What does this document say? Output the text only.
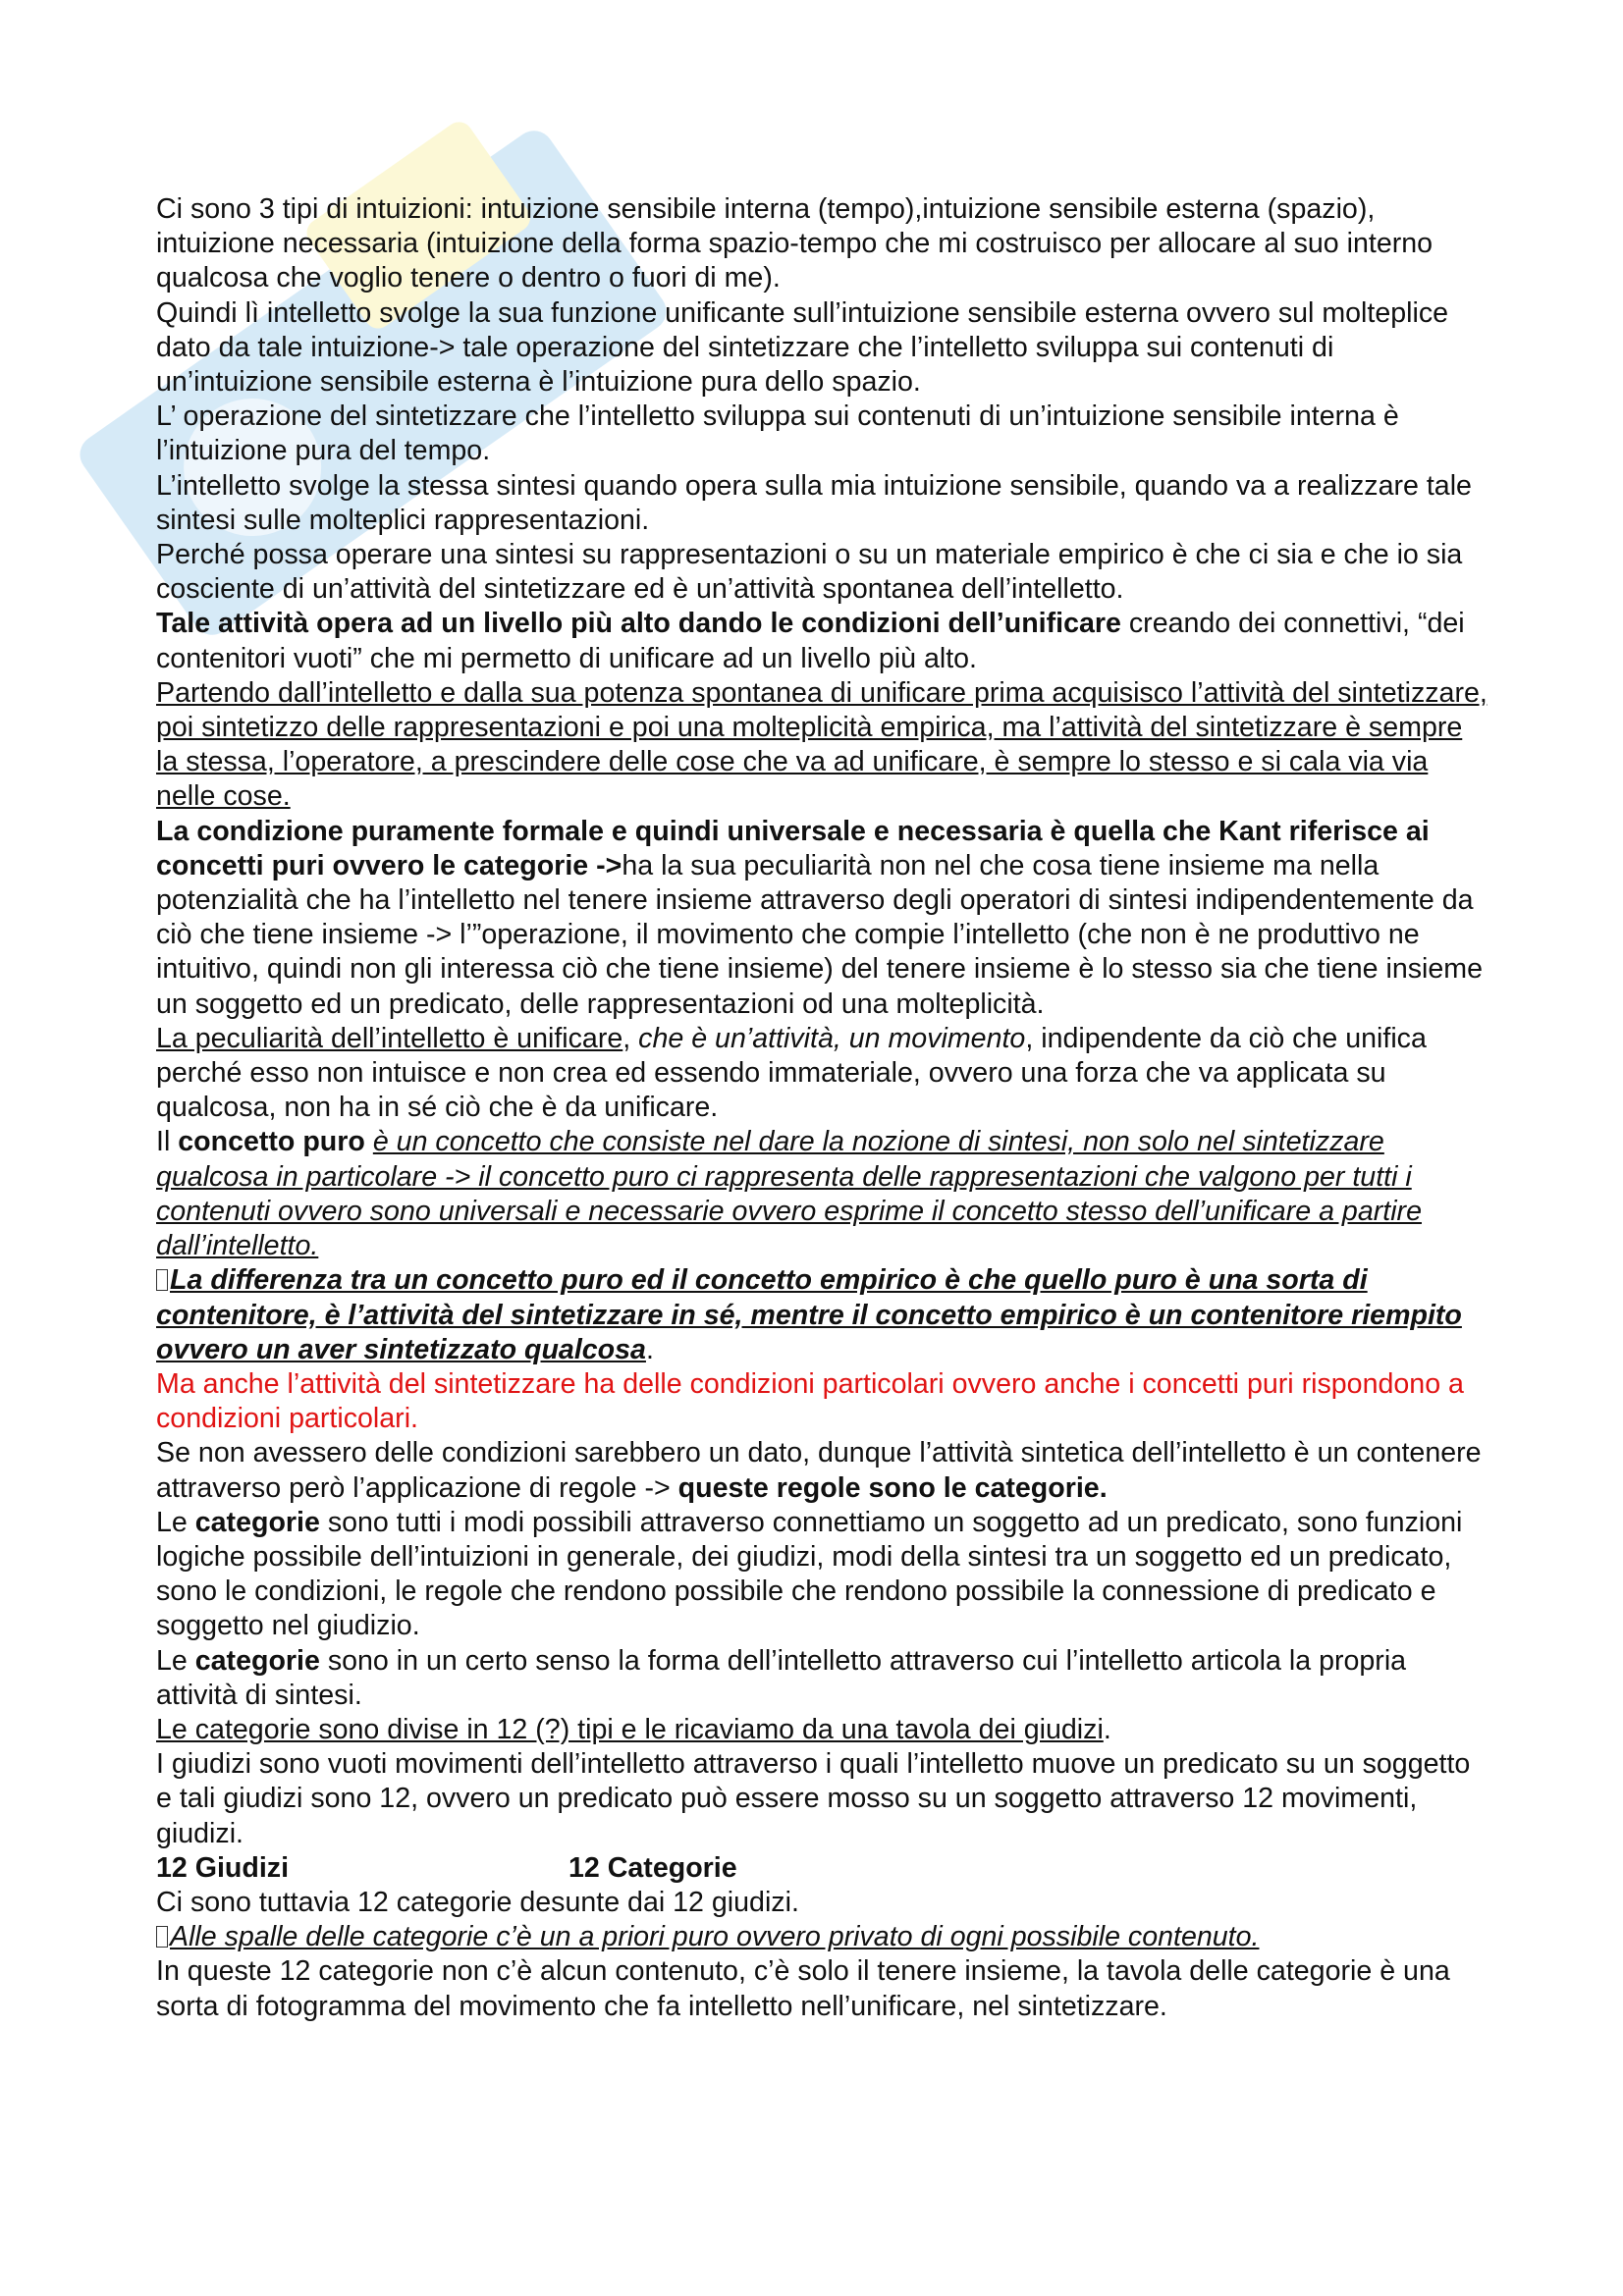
Ci sono 3 tipi di intuizioni: intuizione sensibile interna (tempo),intuizione sensibile esterna (spazio), intuizione necessaria (intuizione della forma spazio-tempo che mi costruisco per allocare al suo interno qualcosa che voglio tenere o dentro o fuori di me).

Quindi lì intelletto svolge la sua funzione unificante sull’intuizione sensibile esterna ovvero sul molteplice dato da tale intuizione-> tale operazione del sintetizzare che l’intelletto sviluppa sui contenuti di un’intuizione sensibile esterna è l’intuizione pura dello spazio.

L’ operazione del sintetizzare che l’intelletto sviluppa sui contenuti di un’intuizione sensibile interna è l’intuizione pura del tempo.

L’intelletto svolge la stessa sintesi quando opera sulla mia intuizione sensibile, quando va a realizzare tale sintesi sulle molteplici rappresentazioni.

Perché possa operare una sintesi su rappresentazioni o su un materiale empirico è che ci sia e che io sia cosciente di un’attività del sintetizzare ed è un’attività spontanea dell’intelletto.

Tale attività opera ad un livello più alto dando le condizioni dell’unificare creando dei connettivi, “dei contenitori vuoti” che mi permetto di unificare ad un livello più alto.

Partendo dall’intelletto e dalla sua potenza spontanea di unificare prima acquisisco l’attività del sintetizzare, poi sintetizzo delle rappresentazioni e poi una molteplicità empirica, ma l’attività del sintetizzare è sempre la stessa, l’operatore, a prescindere delle cose che va ad unificare, è sempre lo stesso e si cala via via nelle cose.

La condizione puramente formale e quindi universale e necessaria è quella che Kant riferisce ai concetti puri ovvero le categorie ->ha la sua peculiarità non nel che cosa tiene insieme ma nella potenzialità che ha l’intelletto nel tenere insieme attraverso degli operatori di sintesi indipendentemente da ciò che tiene insieme -> l’”operazione, il movimento che compie l’intelletto (che non è ne produttivo ne intuitivo, quindi non gli interessa ciò che tiene insieme) del tenere insieme è lo stesso sia che tiene insieme un soggetto ed un predicato, delle rappresentazioni od una molteplicità.

La peculiarità dell’intelletto è unificare, che è un’attività, un movimento, indipendente da ciò che unifica perché esso non intuisce e non crea ed essendo immateriale, ovvero una forza che va applicata su qualcosa, non ha in sé ciò che è da unificare.

Il concetto puro è un concetto che consiste nel dare la nozione di sintesi, non solo nel sintetizzare qualcosa in particolare -> il concetto puro ci rappresenta delle rappresentazioni che valgono per tutti i contenuti ovvero sono universali e necessarie ovvero esprime il concetto stesso dell’unificare a partire dall’intelletto.

La differenza tra un concetto puro ed il concetto empirico è che quello puro è una sorta di contenitore, è l’attività del sintetizzare in sé, mentre il concetto empirico è un contenitore riempito ovvero un aver sintetizzato qualcosa.

Ma anche l’attività del sintetizzare ha delle condizioni particolari ovvero anche i concetti puri rispondono a condizioni particolari.

Se non avessero delle condizioni sarebbero un dato, dunque l’attività sintetica dell’intelletto è un contenere attraverso però l’applicazione di regole -> queste regole sono le categorie.

Le categorie sono tutti i modi possibili attraverso connettiamo un soggetto ad un predicato, sono funzioni logiche possibile dell’intuizioni in generale, dei giudizi, modi della sintesi tra un soggetto ed un predicato, sono le condizioni, le regole che rendono possibile che rendono possibile la connessione di predicato e soggetto nel giudizio.

Le categorie sono in un certo senso la forma dell’intelletto attraverso cui l’intelletto articola la propria attività di sintesi.

Le categorie sono divise in 12 (?) tipi e le ricaviamo da una tavola dei giudizi.

I giudizi sono vuoti movimenti dell’intelletto attraverso i quali l’intelletto muove un predicato su un soggetto e tali giudizi sono 12, ovvero un predicato può essere mosso su un soggetto attraverso 12 movimenti, giudizi.

12 Giudizi	12 Categorie

Ci sono tuttavia 12 categorie desunte dai 12 giudizi.

Alle spalle delle categorie c’è un a priori puro ovvero privato di ogni possibile contenuto.

In queste 12 categorie non c’è alcun contenuto, c’è solo il tenere insieme, la tavola delle categorie è una sorta di fotogramma del movimento che fa intelletto nell’unificare, nel sintetizzare.
